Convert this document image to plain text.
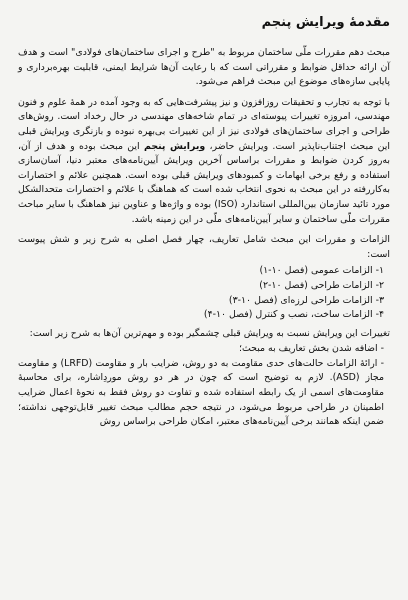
مقدمهٔ ویرایش پنجم

مبحث دهم مقررات ملّی ساختمان مربوط به "طرح و اجرای ساختمان‌های فولادی" است و هدف آن ارائه حداقل ضوابط و مقرراتی است که با رعایت آن‌ها شرایط ایمنی، قابلیت بهره‌برداری و پایایی سازه‌های موضوع این مبحث فراهم می‌شود.

با توجه به تجارب و تحقیقات روزافزون و نیز پیشرفت‌هایی که به وجود آمده در همهٔ علوم و فنون مهندسی، امروزه تغییرات پیوسته‌ای در تمام شاخه‌های مهندسی در حال رخداد است. روش‌های طراحی و اجرای ساختمان‌های فولادی نیز از این تغییرات بی‌بهره نبوده و بازنگری ویرایش قبلی این مبحث اجتناب‌ناپذیر است. ویرایش حاضر، ویرایش پنجم این مبحث بوده و هدف از آن، به‌روز کردن ضوابط و مقررات براساس آخرین ویرایش آیین‌نامه‌های معتبر دنیا، آسان‌سازی استفاده و رفع برخی ابهامات و کمبودهای ویرایش قبلی بوده است. همچنین علائم و اختصارات به‌کاررفته در این مبحث به نحوی انتخاب شده است که هماهنگ با علائم و اختصارات متحدالشکل مورد تائید سازمان بین‌المللی استاندارد (ISO) بوده و واژه‌ها و عناوین نیز هماهنگ با سایر مباحث مقررات ملّی ساختمان و سایر آیین‌نامه‌های ملّی در این زمینه باشد.

الزامات و مقررات این مبحث شامل تعاریف، چهار فصل اصلی به شرح زیر و شش پیوست است:

۱- الزامات عمومی (فصل ۱۰-۱)
۲- الزامات طراحی (فصل ۱۰-۲)
۳- الزامات طراحی لرزه‌ای (فصل ۱۰-۳)
۴- الزامات ساخت، نصب و کنترل (فصل ۱۰-۴)

تغییرات این ویرایش نسبت به ویرایش قبلی چشمگیر بوده و مهم‌ترین آن‌ها به شرح زیر است:

- اضافه شدن بخش تعاریف به مبحث؛
- ارائهٔ الزامات حالت‌های حدی مقاومت به دو روش، ضرایب بار و مقاومت (LRFD) و مقاومت مجاز (ASD). لازم به توضیح است که چون در هر دو روش موردِاشاره، برای محاسبهٔ مقاومت‌های اسمی از یک رابطه استفاده شده و تفاوت دو روش فقط به نحوهٔ اعمال ضرایب اطمینان در طراحی مربوط می‌شود، در نتیجه حجم مطالب مبحث تغییر قابل‌توجهی نداشته؛ ضمن اینکه همانند برخی آیین‌نامه‌های معتبر، امکان طراحی براساس روش
